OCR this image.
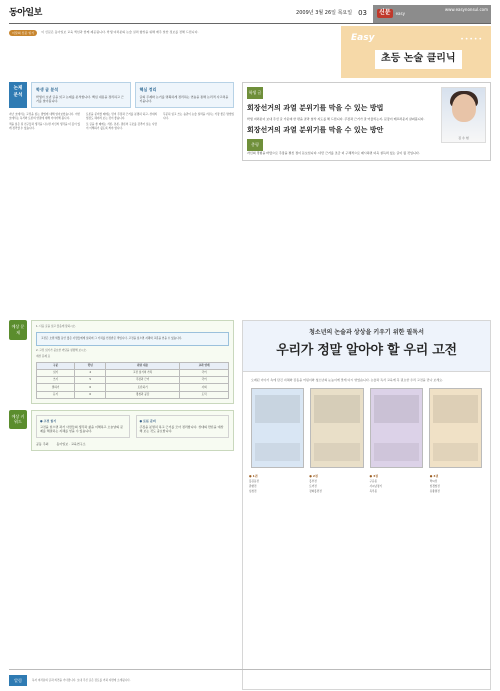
동아일보	2009년 3월 26일 목요일 03	신문	easy
www.easynonsul.com
이달의 신문 읽기	이 신문은 동아일보 교육 섹션과 함께 제공됩니다. 학생 여러분의 논술 실력 향상을 위해 매주 알찬 정보를 전해 드립니다.
Easy	•••••
초등 논술 클리닉
논제 분석
학생 글 분석
학생이 보낸 글을 읽고 논제를 분석합니다. 핵심 내용을 정리하고 근거를 찾아봅니다.
핵심 정리
글의 주제와 논거를 명확하게 정리하는 연습을 통해 논리적 사고력을 키웁니다.

지난 호에서는 고전을 읽는 방법에 대해 알아보았습니다. 이번 호에서는 독서와 토론의 연결에 대해 이야기해 봅니다.

책을 읽은 뒤 친구들과 생각을 나누면 자신의 생각을 더 깊이 있게 정리할 수 있습니다.

토론을 준비할 때에는 먼저 주장과 근거를 분명히 하고, 상대의 입장도 헤아려 보는 것이 좋습니다.

또 글을 쓸 때에는 서론, 본론, 결론의 구조를 갖추어 읽는 사람이 이해하기 쉽도록 써야 합니다.

꾸준히 읽고 쓰는 습관이 논술 실력을 키우는 가장 좋은 방법입니다.

김 수 현
학생 글
회장선거의 과열 분위기를 막을 수 있는 방법
학생 여러분이 보내 주신 글 가운데 한 편을 골라 첨삭 지도를 해 드립니다. 주장과 근거가 잘 어울리는지, 문장이 매끄러운지 살펴봅니다.
회장선거의 과열 분위기를 막을 수 있는 방안
총평
자신의 경험을 바탕으로 주장을 펼친 점이 돋보입니다. 다만 근거를 조금 더 구체적으로 제시하면 더욱 설득력 있는 글이 될 것입니다.
예상 문제
1. 다음 글을 읽고 물음에 답하시오.
고전은 오랜 세월 동안 많은 사람들에게 읽히며 그 가치를 인정받은 책입니다. 고전을 읽으면 지혜와 교훈을 얻을 수 있습니다.
2. 고전 읽기가 중요한 까닭을 설명해 보시오.
예상 문제 표
구분	학년	관련 내용	교과 연계
읽기	4	고전 읽기의 가치	국어
쓰기	5	주장과 근거	국어
말하기	6	토론하기	사회
듣기	6	경청과 공감	도덕
예상 키워드	● 고전 읽기
고전을 읽으면 과거 사람들의 생각과 삶을 이해하고 오늘날의 문제를 해결하는 지혜를 얻을 수 있습니다.
● 토론 준비
주장을 분명히 하고 근거를 모아 정리합니다. 상대의 반론을 예상해 보는 것도 중요합니다.
공동 주최	동아일보 · 교육연구소
청소년의 논술과 상상을 키우기 위한 필독서
우리가 정말 알아야 할 우리 고전
오래된 이야기 속에 담긴 지혜와 감동을 어린이와 청소년의 눈높이에 맞게 다시 엮었습니다. 논술과 독서 교육에 꼭 필요한 우리 고전을 만나 보세요.
● 1권
홍길동전
춘향전
심청전
● 2권
흥부전
토끼전
장화홍련전
● 3권
구운몽
사씨남정기
옥루몽
● 4권
박씨전
임경업전
유충렬전
알림	독자 여러분의 글과 의견을 기다립니다. 보내 주신 글은 검토를 거쳐 지면에 소개됩니다.
